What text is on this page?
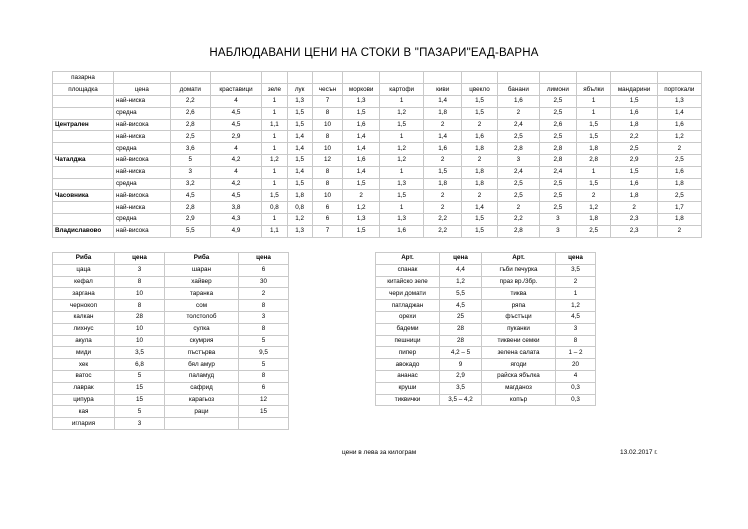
НАБЛЮДАВАНИ ЦЕНИ НА СТОКИ В "ПАЗАРИ"ЕАД-ВАРНА
пазарна															
площадка	цена	домати	краставици	зеле	лук	чесън	моркови	картофи	киви	цвекло	банани	лимони	ябълки	мандарини	портокали
	най-ниска	2,2	4	1	1,3	7	1,3	1	1,4	1,5	1,6	2,5	1	1,5	1,3
	средна	2,6	4,5	1	1,5	8	1,5	1,2	1,8	1,5	2	2,5	1	1,6	1,4
Централен	най-висока	2,8	4,5	1,1	1,5	10	1,6	1,5	2	2	2,4	2,6	1,5	1,8	1,6
	най-ниска	2,5	2,9	1	1,4	8	1,4	1	1,4	1,6	2,5	2,5	1,5	2,2	1,2
	средна	3,6	4	1	1,4	10	1,4	1,2	1,6	1,8	2,8	2,8	1,8	2,5	2
Чаталджа	най-висока	5	4,2	1,2	1,5	12	1,6	1,2	2	2	3	2,8	2,8	2,9	2,5
	най-ниска	3	4	1	1,4	8	1,4	1	1,5	1,8	2,4	2,4	1	1,5	1,6
	средна	3,2	4,2	1	1,5	8	1,5	1,3	1,8	1,8	2,5	2,5	1,5	1,6	1,8
Часовника	най-висока	4,5	4,5	1,5	1,8	10	2	1,5	2	2	2,5	2,5	2	1,8	2,5
	най-ниска	2,8	3,8	0,8	0,8	6	1,2	1	2	1,4	2	2,5	1,2	2	1,7
	средна	2,9	4,3	1	1,2	6	1,3	1,3	2,2	1,5	2,2	3	1,8	2,3	1,8
Владиславово	най-висока	5,5	4,9	1,1	1,3	7	1,5	1,6	2,2	1,5	2,8	3	2,5	2,3	2
Риба	цена	Риба	цена
цаца	3	шаран	6
кефал	8	хайвер	30
заргана	10	таранка	2
чернокоп	8	сом	8
калкан	28	толстолоб	3
лихнус	10	сулка	8
акула	10	скумрия	5
миди	3,5	пъстърва	9,5
хек	6,8	бял амур	5
ватос	5	паламуд	8
лаврак	15	сафрид	6
ципура	15	карагьоз	12
кая	5	раци	15
иглария	3		
Арт.	цена	Арт.	цена
спанак	4,4	гъби печурка	3,5
китайско зеле	1,2	праз вр./3бр.	2
чери домати	5,5	тиква	1
патладжан	4,5	ряпа	1,2
орехи	25	фъстъци	4,5
бадеми	28	пуканки	3
пешници	28	тиквени семки	8
пипер	4,2 – 5	зелена салата	1 – 2
авокадо	9	ягоди	20
ананас	2,9	райска ябълка	4
круши	3,5	магданоз	0,3
тиквички	3,5 – 4,2	копър	0,3
цени в лева за килограм	13.02.2017 г.
